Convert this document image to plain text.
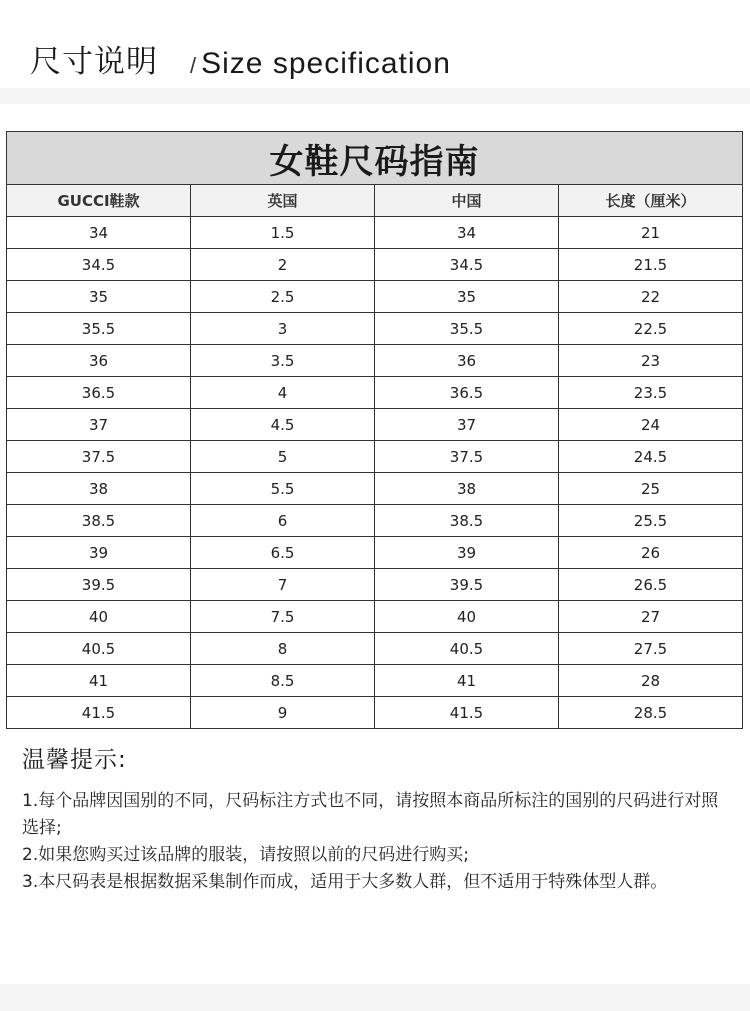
尺寸说明 / Size specification
女鞋尺码指南			
GUCCI鞋款	英国	中国	长度（厘米）
34	1.5	34	21
34.5	2	34.5	21.5
35	2.5	35	22
35.5	3	35.5	22.5
36	3.5	36	23
36.5	4	36.5	23.5
37	4.5	37	24
37.5	5	37.5	24.5
38	5.5	38	25
38.5	6	38.5	25.5
39	6.5	39	26
39.5	7	39.5	26.5
40	7.5	40	27
40.5	8	40.5	27.5
41	8.5	41	28
41.5	9	41.5	28.5
温馨提示:

1.每个品牌因国别的不同，尺码标注方式也不同，请按照本商品所标注的国别的尺码进行对照选择;

2.如果您购买过该品牌的服装，请按照以前的尺码进行购买;

3.本尺码表是根据数据采集制作而成，适用于大多数人群，但不适用于特殊体型人群。
